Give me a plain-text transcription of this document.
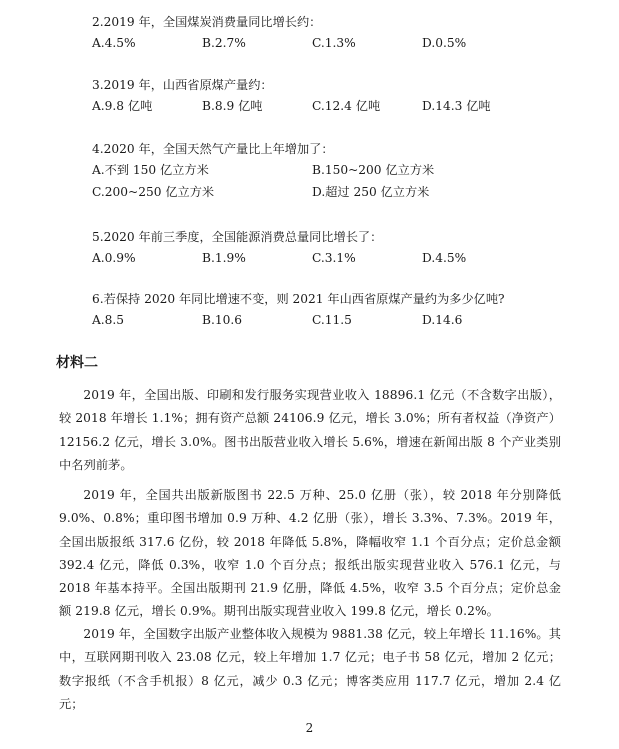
2.2019 年，全国煤炭消费量同比增长约：
A.4.5%	B.2.7%	C.1.3%	D.0.5%
3.2019 年，山西省原煤产量约：
A.9.8 亿吨	B.8.9 亿吨	C.12.4 亿吨	D.14.3 亿吨
4.2020 年，全国天然气产量比上年增加了：
A.不到 150 亿立方米	B.150~200 亿立方米
C.200~250 亿立方米	D.超过 250 亿立方米
5.2020 年前三季度，全国能源消费总量同比增长了：
A.0.9%	B.1.9%	C.3.1%	D.4.5%
6.若保持 2020 年同比增速不变，则 2021 年山西省原煤产量约为多少亿吨?
A.8.5	B.10.6	C.11.5	D.14.6
材料二

2019 年，全国出版、印刷和发行服务实现营业收入 18896.1 亿元（不含数字出版），较 2018 年增长 1.1%；拥有资产总额 24106.9 亿元，增长 3.0%；所有者权益（净资产）12156.2 亿元，增长 3.0%。图书出版营业收入增长 5.6%，增速在新闻出版 8 个产业类别中名列前茅。

2019 年，全国共出版新版图书 22.5 万种、25.0 亿册（张），较 2018 年分别降低 9.0%、0.8%；重印图书增加 0.9 万种、4.2 亿册（张），增长 3.3%、7.3%。2019 年，全国出版报纸 317.6 亿份，较 2018 年降低 5.8%，降幅收窄 1.1 个百分点；定价总金额 392.4 亿元，降低 0.3%，收窄 1.0 个百分点；报纸出版实现营业收入 576.1 亿元，与 2018 年基本持平。全国出版期刊 21.9 亿册，降低 4.5%，收窄 3.5 个百分点；定价总金额 219.8 亿元，增长 0.9%。期刊出版实现营业收入 199.8 亿元，增长 0.2%。

2019 年，全国数字出版产业整体收入规模为 9881.38 亿元，较上年增长 11.16%。其中，互联网期刊收入 23.08 亿元，较上年增加 1.7 亿元；电子书 58 亿元，增加 2 亿元；数字报纸（不含手机报）8 亿元，减少 0.3 亿元；博客类应用 117.7 亿元，增加 2.4 亿元；

2
